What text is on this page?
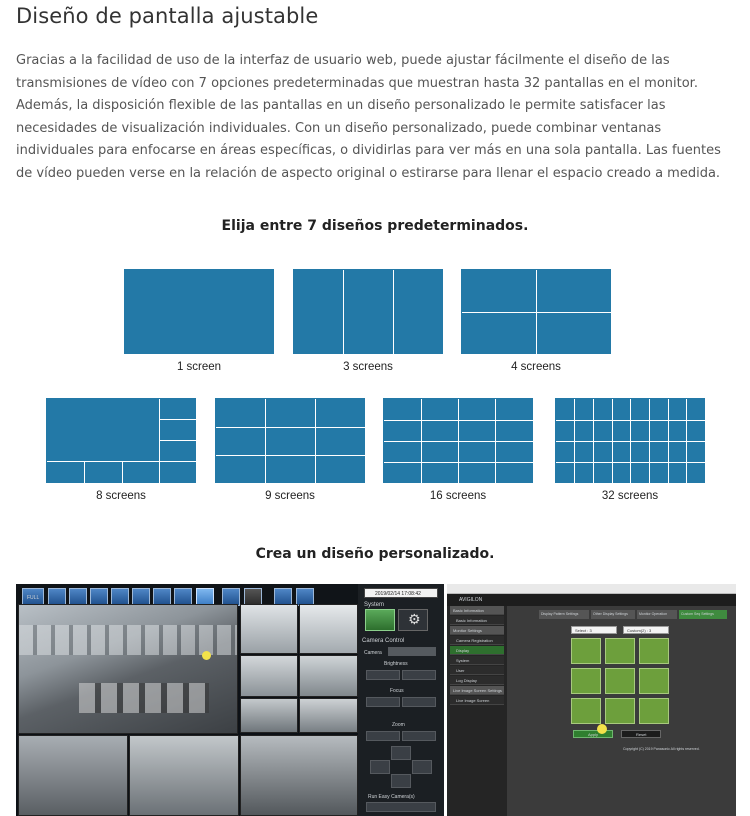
Diseño de pantalla ajustable

Gracias a la facilidad de uso de la interfaz de usuario web, puede ajustar fácilmente el diseño de las transmisiones de vídeo con 7 opciones predeterminadas que muestran hasta 32 pantallas en el monitor. Además, la disposición flexible de las pantallas en un diseño personalizado le permite satisfacer las necesidades de visualización individuales. Con un diseño personalizado, puede combinar ventanas individuales para enfocarse en áreas específicas, o dividirlas para ver más en una sola pantalla. Las fuentes de vídeo pueden verse en la relación de aspecto original o estirarse para llenar el espacio creado a medida.

Elija entre 7 diseños predeterminados.
1 screen	3 screens	4 screens
8 screens	9 screens	16 screens	32 screens
Crea un diseño personalizado.
FULL
2019/02/14 17:08:42
System
⚙
Camera Control
Camera
Brightness
Focus
Zoom
Run Easy Camera(s)
AVIGILON
Basic Information
Basic Information
Monitor Settings
Camera Registration
Display
System
User
Log Display
Live Image Screen Settings
Live Image Screen
Display Pattern Settings	Other Display Settings	Monitor Operation	Custom Seq Settings
Select : 3	Custom(2) : 3
Apply	Reset
Copyright (C) 2019 Panasonic All rights reserved.
